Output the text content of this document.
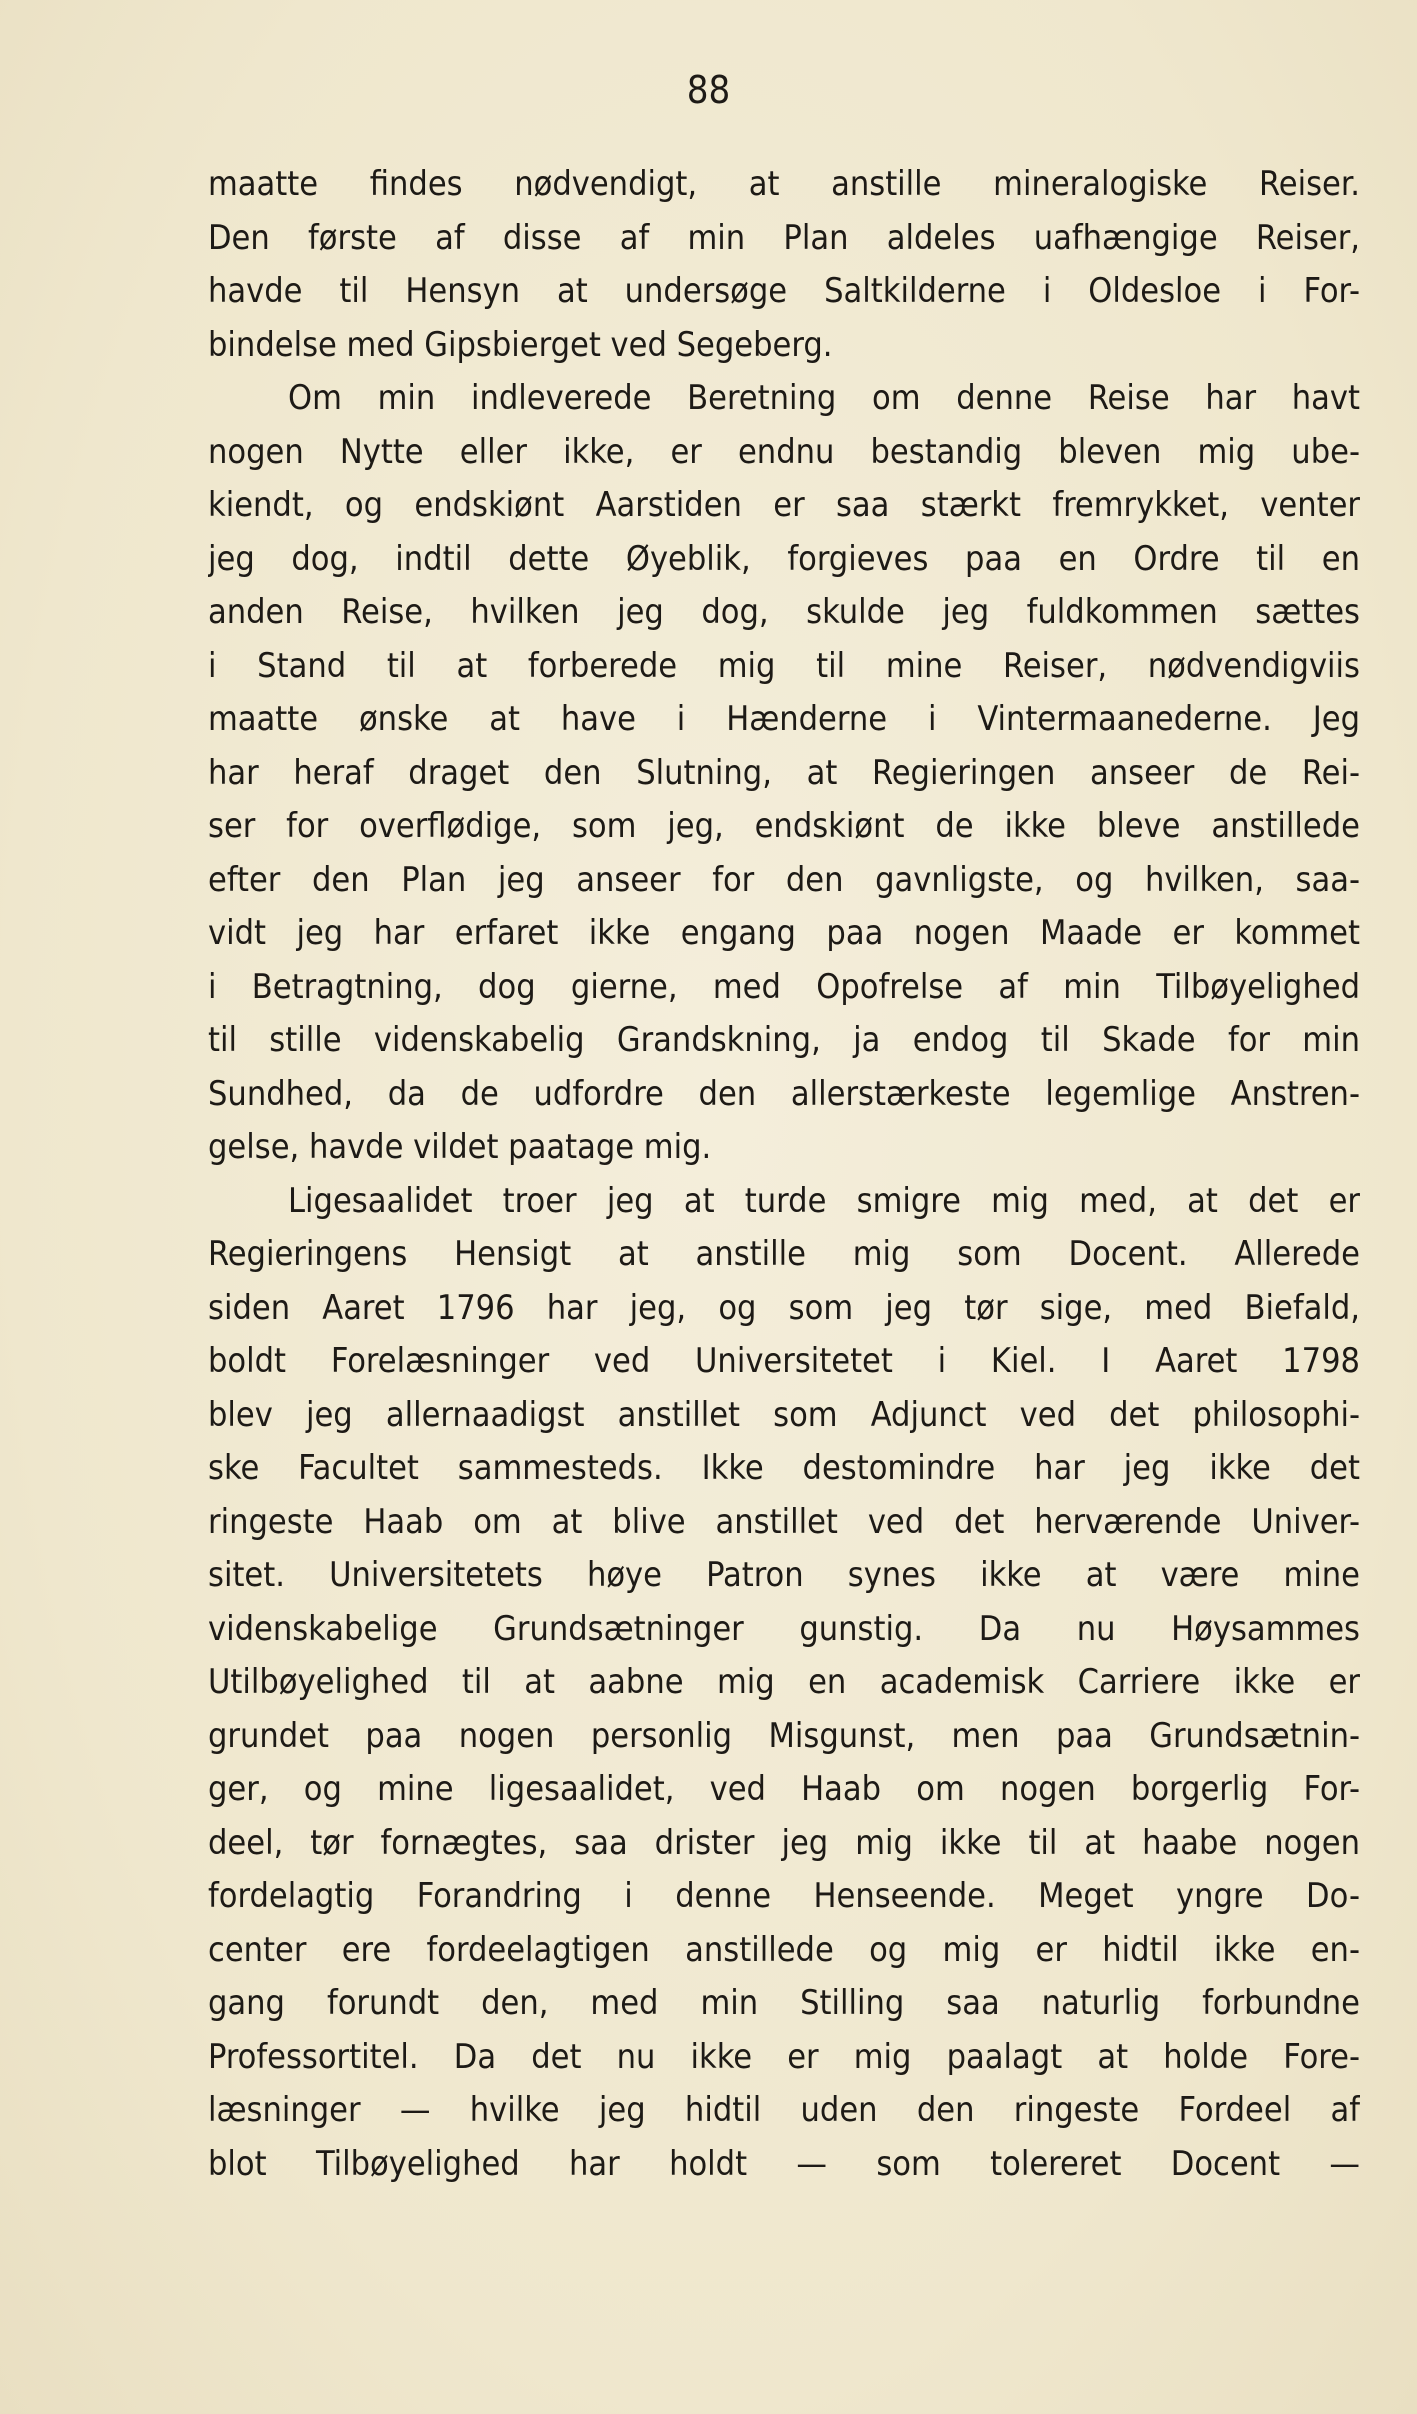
88
maatte findes nødvendigt, at anstille mineralogiske Reiser.
Den første af disse af min Plan aldeles uafhængige Reiser,
havde til Hensyn at undersøge Saltkilderne i Oldesloe i For-
bindelse med Gipsbierget ved Segeberg.
Om min indleverede Beretning om denne Reise har havt
nogen Nytte eller ikke, er endnu bestandig bleven mig ube-
kiendt, og endskiønt Aarstiden er saa stærkt fremrykket, venter
jeg dog, indtil dette Øyeblik, forgieves paa en Ordre til en
anden Reise, hvilken jeg dog, skulde jeg fuldkommen sættes
i Stand til at forberede mig til mine Reiser, nødvendigviis
maatte ønske at have i Hænderne i Vintermaanederne. Jeg
har heraf draget den Slutning, at Regieringen anseer de Rei-
ser for overflødige, som jeg, endskiønt de ikke bleve anstillede
efter den Plan jeg anseer for den gavnligste, og hvilken, saa-
vidt jeg har erfaret ikke engang paa nogen Maade er kommet
i Betragtning, dog gierne, med Opofrelse af min Tilbøyelighed
til stille videnskabelig Grandskning, ja endog til Skade for min
Sundhed, da de udfordre den allerstærkeste legemlige Anstren-
gelse, havde vildet paatage mig.
Ligesaalidet troer jeg at turde smigre mig med, at det er
Regieringens Hensigt at anstille mig som Docent. Allerede
siden Aaret 1796 har jeg, og som jeg tør sige, med Biefald,
boldt Forelæsninger ved Universitetet i Kiel. I Aaret 1798
blev jeg allernaadigst anstillet som Adjunct ved det philosophi-
ske Facultet sammesteds. Ikke destomindre har jeg ikke det
ringeste Haab om at blive anstillet ved det herværende Univer-
sitet. Universitetets høye Patron synes ikke at være mine
videnskabelige Grundsætninger gunstig. Da nu Høysammes
Utilbøyelighed til at aabne mig en academisk Carriere ikke er
grundet paa nogen personlig Misgunst, men paa Grundsætnin-
ger, og mine ligesaalidet, ved Haab om nogen borgerlig For-
deel, tør fornægtes, saa drister jeg mig ikke til at haabe nogen
fordelagtig Forandring i denne Henseende. Meget yngre Do-
center ere fordeelagtigen anstillede og mig er hidtil ikke en-
gang forundt den, med min Stilling saa naturlig forbundne
Professortitel. Da det nu ikke er mig paalagt at holde Fore-
læsninger — hvilke jeg hidtil uden den ringeste Fordeel af
blot Tilbøyelighed har holdt — som tolereret Docent —
